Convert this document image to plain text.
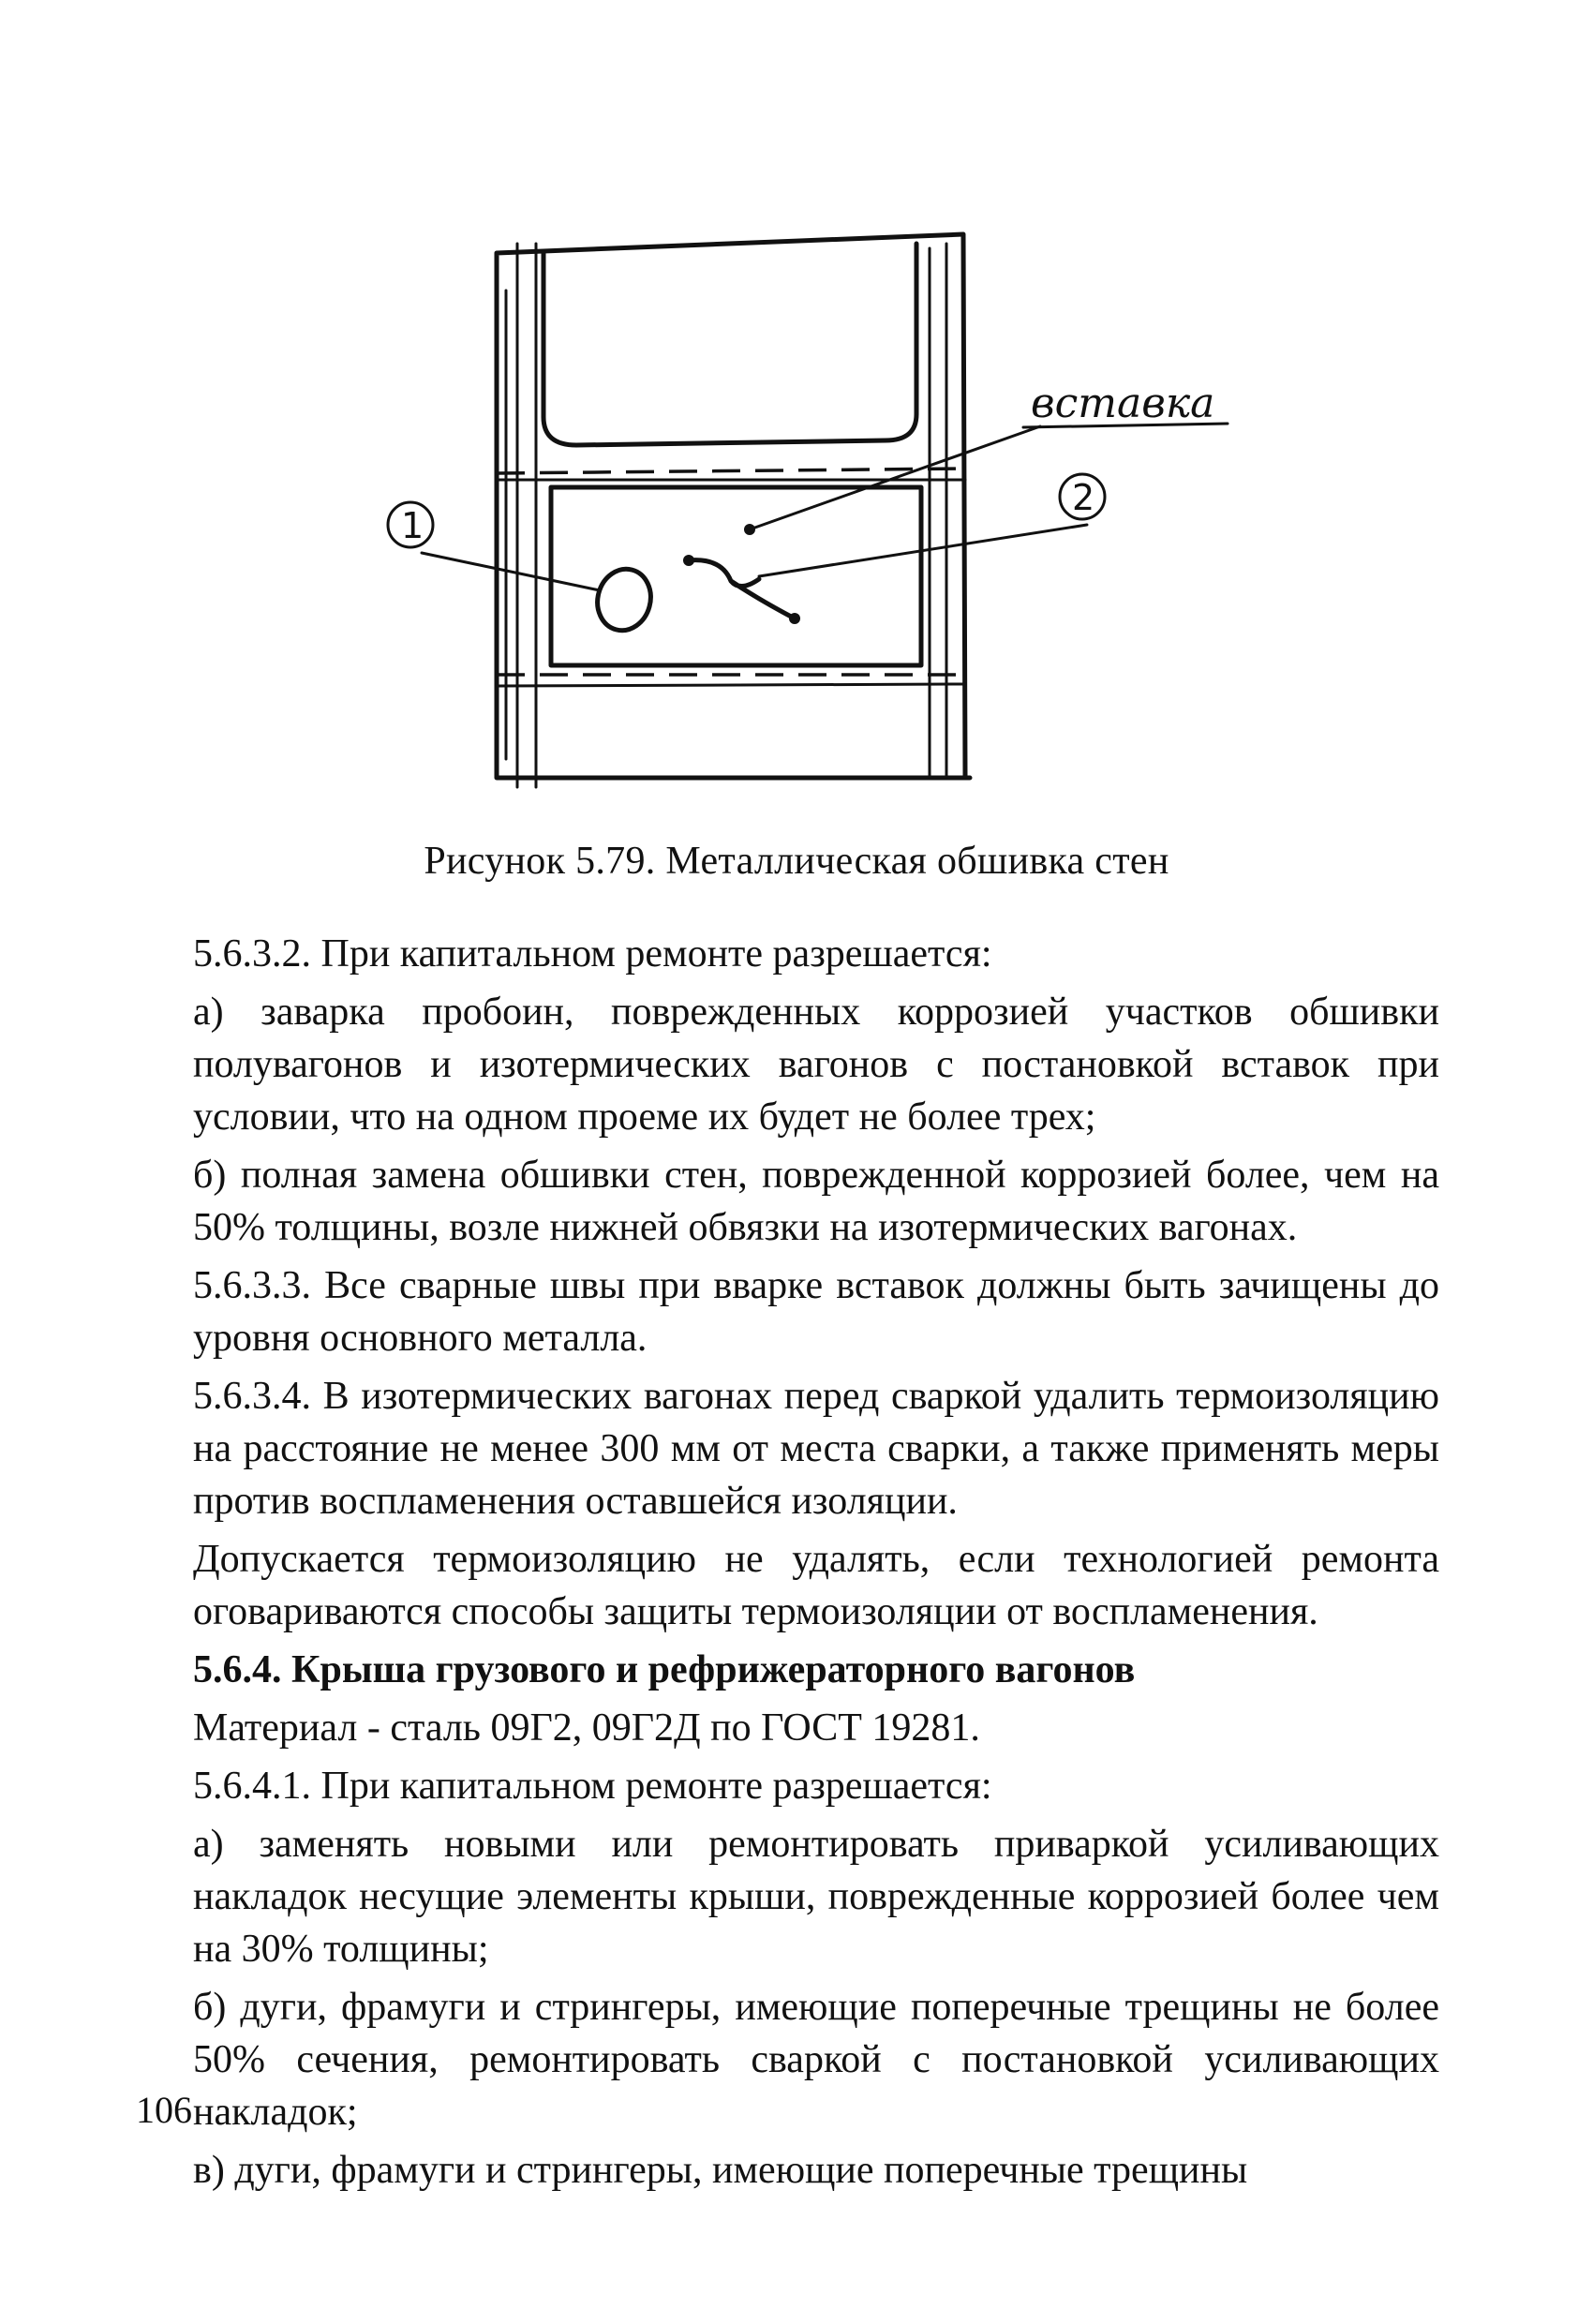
1
2
вставка
Рисунок 5.79. Металлическая обшивка стен

5.6.3.2. При капитальном ремонте разрешается:

а) заварка пробоин, поврежденных коррозией участков обшивки полувагонов и изотермических вагонов с постановкой вставок при условии, что на одном проеме их будет не более трех;

б) полная замена обшивки стен, поврежденной коррозией более, чем на 50% толщины, возле нижней обвязки на изотермических вагонах.

5.6.3.3. Все сварные швы при вварке вставок должны быть зачищены до уровня основного металла.

5.6.3.4. В изотермических вагонах перед сваркой удалить термоизоляцию на расстояние не менее 300 мм от места сварки, а также применять меры против воспламенения оставшейся изоляции.

Допускается термоизоляцию не удалять, если технологией ремонта оговариваются способы защиты термоизоляции от воспламенения.

5.6.4. Крыша грузового и рефрижераторного вагонов

Материал - сталь 09Г2, 09Г2Д по ГОСТ 19281.

5.6.4.1. При капитальном ремонте разрешается:

а) заменять новыми или ремонтировать приваркой усиливающих накладок несущие элементы крыши, поврежденные коррозией более чем на 30% толщины;

б) дуги, фрамуги и стрингеры, имеющие поперечные трещины не более 50% сечения, ремонтировать сваркой с постановкой усиливающих накладок;

в) дуги, фрамуги и стрингеры, имеющие поперечные трещины

106
